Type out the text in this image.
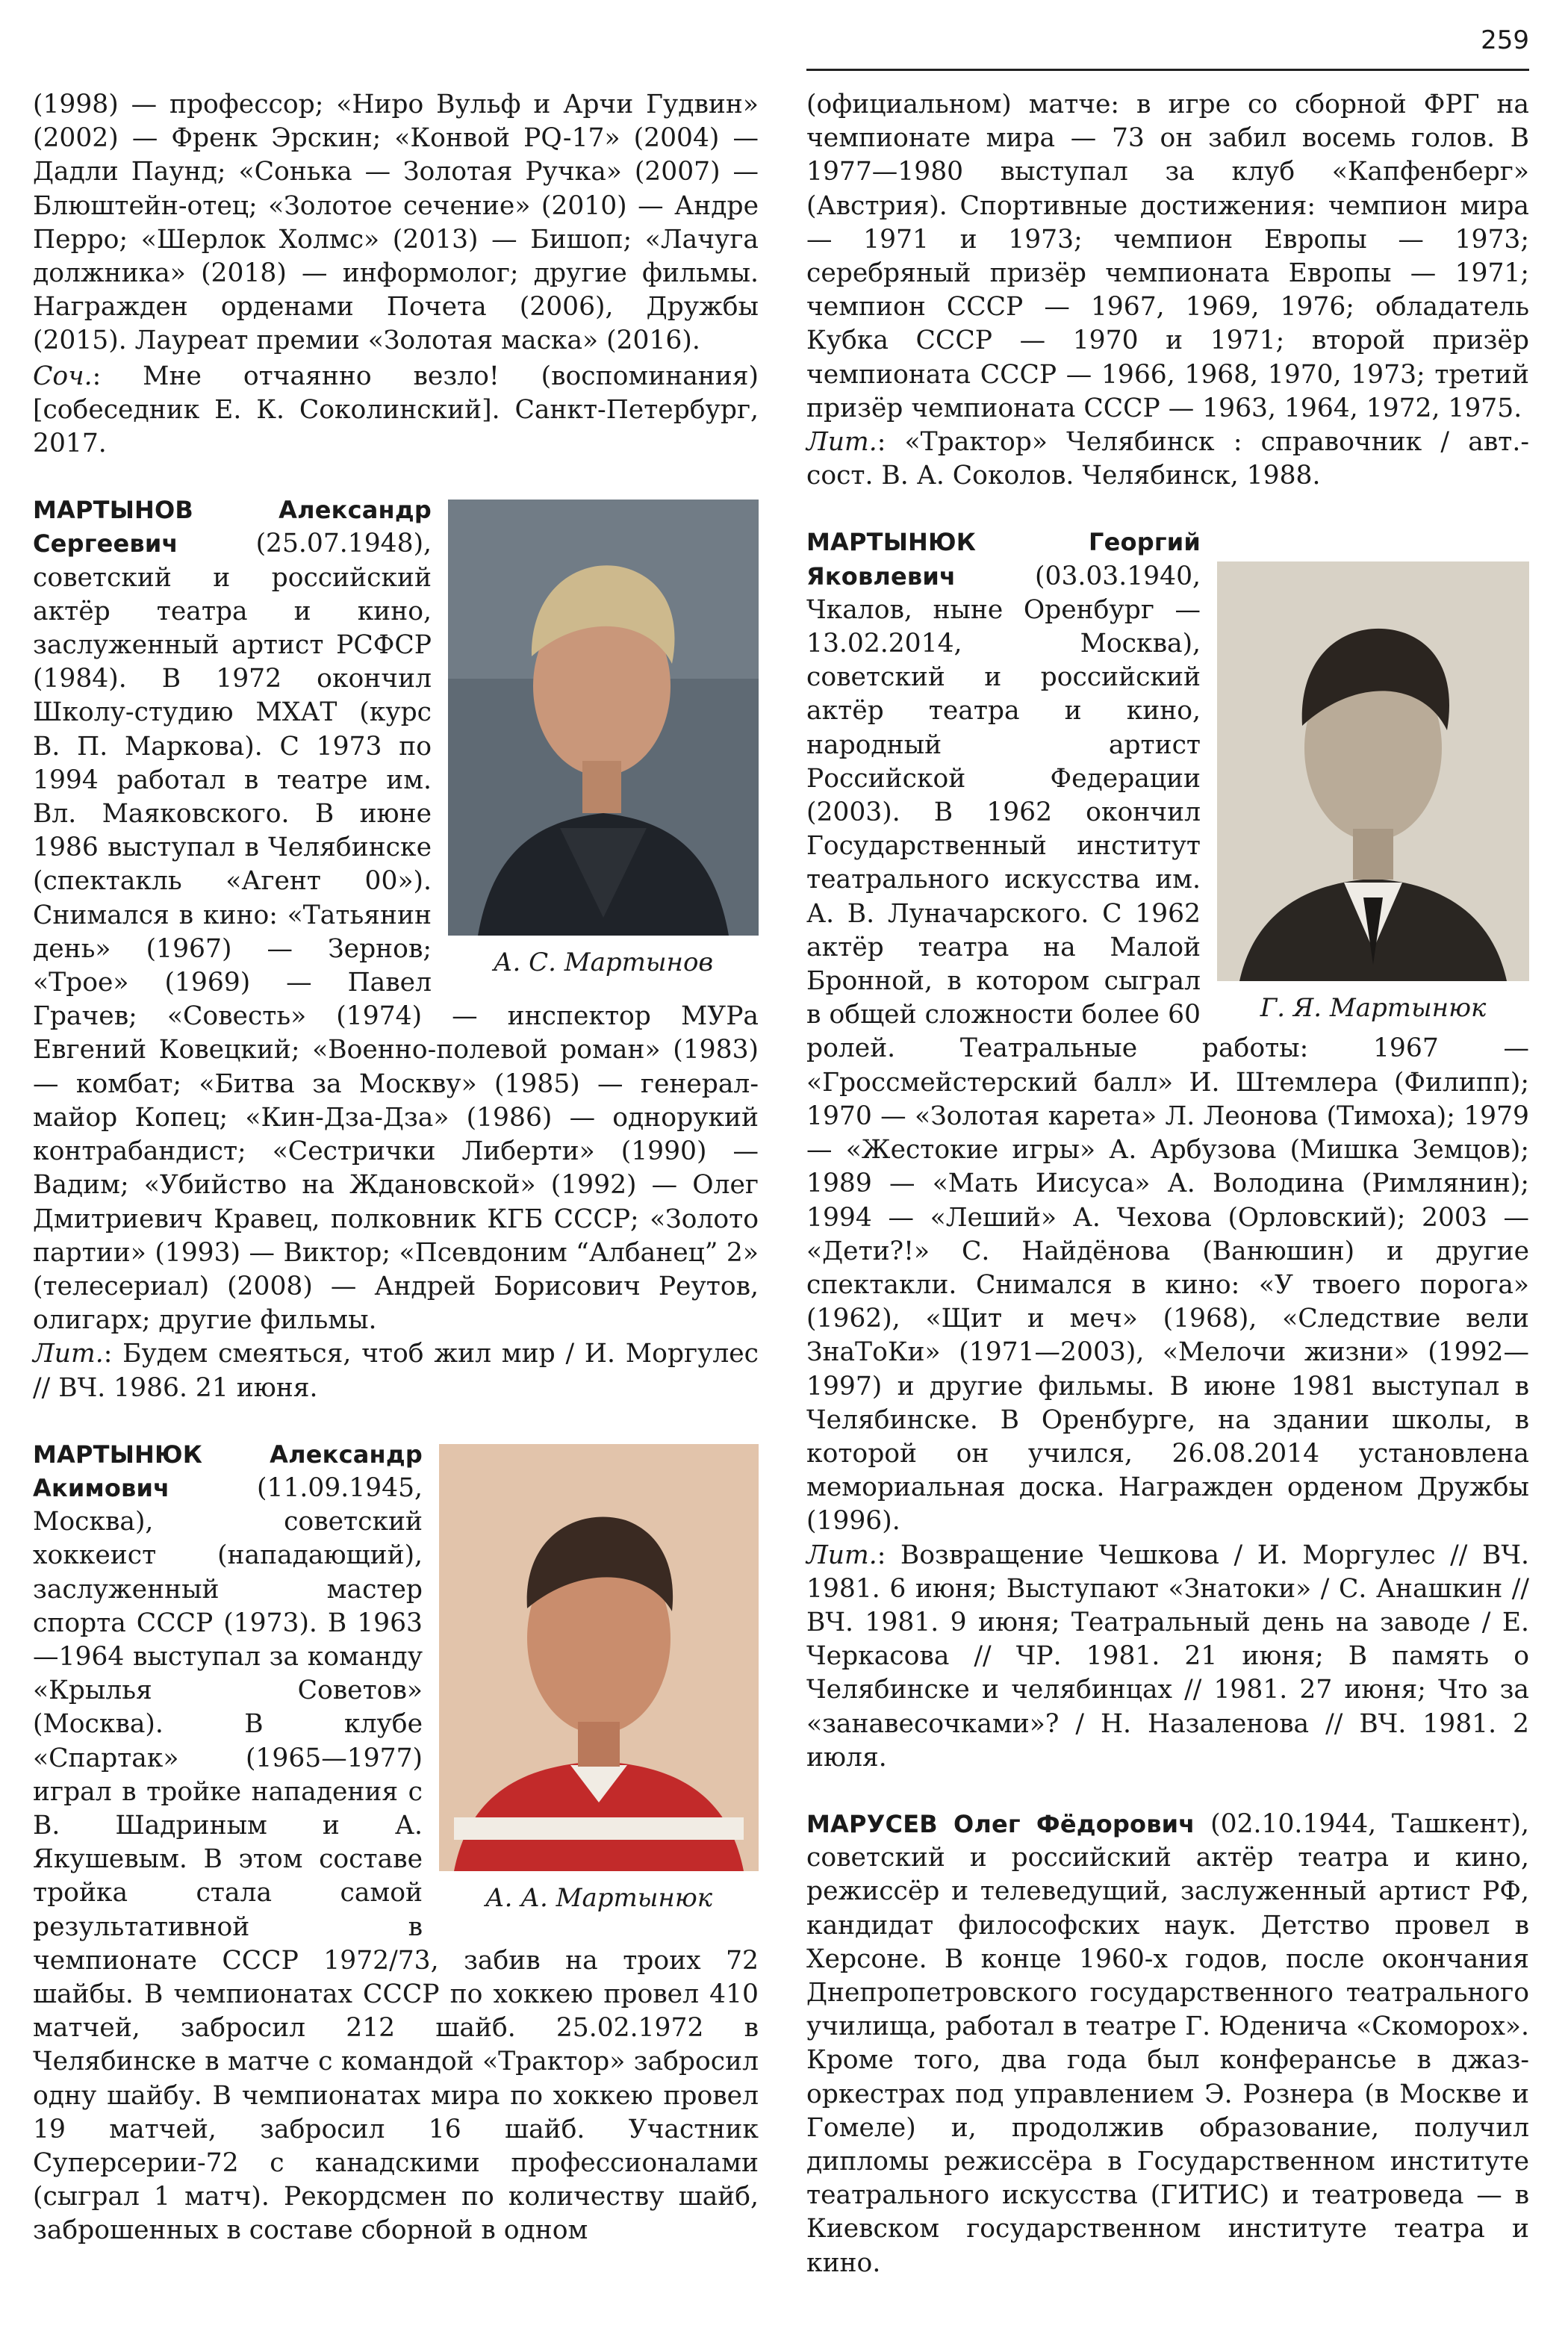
259

(1998) — профессор; «Ниро Вульф и Арчи Гудвин» (2002) — Френк Эрскин; «Конвой PQ-17» (2004) — Дадли Паунд; «Сонька — Золотая Ручка» (2007) — Блюштейн-отец; «Золотое сечение» (2010) — Андре Перро; «Шерлок Холмс» (2013) — Бишоп; «Лачуга должника» (2018) — информолог; другие фильмы. Награжден орденами Почета (2006), Дружбы (2015). Лауреат премии «Золотая маска» (2016).

Соч.: Мне отчаянно везло! (воспоминания) [собеседник Е. К. Соколинский]. Санкт-Петербург, 2017.

А. С. Мартынов
МАРТЫНОВ Александр Сергеевич (25.07.1948), советский и российский актёр театра и кино, заслуженный артист РСФСР (1984). В 1972 окончил Школу-студию МХАТ (курс В. П. Маркова). С 1973 по 1994 работал в театре им. Вл. Маяковского. В июне 1986 выступал в Челябинске (спектакль «Агент 00»). Снимался в кино: «Татьянин день» (1967) — Зернов; «Трое» (1969) — Павел Грачев; «Совесть» (1974) — инспектор МУРа Евгений Ковецкий; «Военно-полевой роман» (1983) — комбат; «Битва за Москву» (1985) — генерал-майор Копец; «Кин-Дза-Дза» (1986) — однорукий контрабандист; «Сестрички Либерти» (1990) — Вадим; «Убийство на Ждановской» (1992) — Олег Дмитриевич Кравец, полковник КГБ СССР; «Золото партии» (1993) — Виктор; «Псевдоним “Албанец” 2» (телесериал) (2008) — Андрей Борисович Реутов, олигарх; другие фильмы.

Лит.: Будем смеяться, чтоб жил мир / И. Моргулес // ВЧ. 1986. 21 июня.

А. А. Мартынюк
МАРТЫНЮК Александр Акимович (11.09.1945, Москва), советский хоккеист (нападающий), заслуженный мастер спорта СССР (1973). В 1963—1964 выступал за команду «Крылья Советов» (Москва). В клубе «Спартак» (1965—1977) играл в тройке нападения с В. Шадриным и А. Якушевым. В этом составе тройка стала самой результативной в чемпионате СССР 1972/73, забив на троих 72 шайбы. В чемпионатах СССР по хоккею провел 410 матчей, забросил 212 шайб. 25.02.1972 в Челябинске в матче с командой «Трактор» забросил одну шайбу. В чемпионатах мира по хоккею провел 19 матчей, забросил 16 шайб. Участник Суперсерии-72 с канадскими профессионалами (сыграл 1 матч). Рекордсмен по количеству шайб, заброшенных в составе сборной в одном

(официальном) матче: в игре со сборной ФРГ на чемпионате мира — 73 он забил восемь голов. В 1977—1980 выступал за клуб «Капфенберг» (Австрия). Спортивные достижения: чемпион мира — 1971 и 1973; чемпион Европы — 1973; серебряный призёр чемпионата Европы — 1971; чемпион СССР — 1967, 1969, 1976; обладатель Кубка СССР — 1970 и 1971; второй призёр чемпионата СССР — 1966, 1968, 1970, 1973; третий призёр чемпионата СССР — 1963, 1964, 1972, 1975.

Лит.: «Трактор» Челябинск : справочник / авт.-сост. В. А. Соколов. Челябинск, 1988.

Г. Я. Мартынюк
МАРТЫНЮК Георгий Яковлевич (03.03.1940, Чкалов, ныне Оренбург — 13.02.2014, Москва), советский и российский актёр театра и кино, народный артист Российской Федерации (2003). В 1962 окончил Государственный институт театрального искусства им. А. В. Луначарского. С 1962 актёр театра на Малой Бронной, в котором сыграл в общей сложности более 60 ролей. Театральные работы: 1967 — «Гроссмейстерский балл» И. Штемлера (Филипп); 1970 — «Золотая карета» Л. Леонова (Тимоха); 1979 — «Жестокие игры» А. Арбузова (Мишка Земцов); 1989 — «Мать Иисуса» А. Володина (Римлянин); 1994 — «Леший» А. Чехова (Орловский); 2003 — «Дети?!» С. Найдёнова (Ванюшин) и другие спектакли. Снимался в кино: «У твоего порога» (1962), «Щит и меч» (1968), «Следствие вели ЗнаТоКи» (1971—2003), «Мелочи жизни» (1992—1997) и другие фильмы. В июне 1981 выступал в Челябинске. В Оренбурге, на здании школы, в которой он учился, 26.08.2014 установлена мемориальная доска. Награжден орденом Дружбы (1996).

Лит.: Возвращение Чешкова / И. Моргулес // ВЧ. 1981. 6 июня; Выступают «Знатоки» / С. Анашкин // ВЧ. 1981. 9 июня; Театральный день на заводе / Е. Черкасова // ЧР. 1981. 21 июня; В память о Челябинске и челябинцах // 1981. 27 июня; Что за «занавесочками»? / Н. Назаленова // ВЧ. 1981. 2 июля.

МАРУСЕВ Олег Фёдорович (02.10.1944, Ташкент), советский и российский актёр театра и кино, режиссёр и телеведущий, заслуженный артист РФ, кандидат философских наук. Детство провел в Херсоне. В конце 1960-х годов, после окончания Днепропетровского государственного театрального училища, работал в театре Г. Юденича «Скоморох». Кроме того, два года был конферансье в джаз-оркестрах под управлением Э. Рознера (в Москве и Гомеле) и, продолжив образование, получил дипломы режиссёра в Государственном институте театрального искусства (ГИТИС) и театроведа — в Киевском государственном институте театра и кино.
